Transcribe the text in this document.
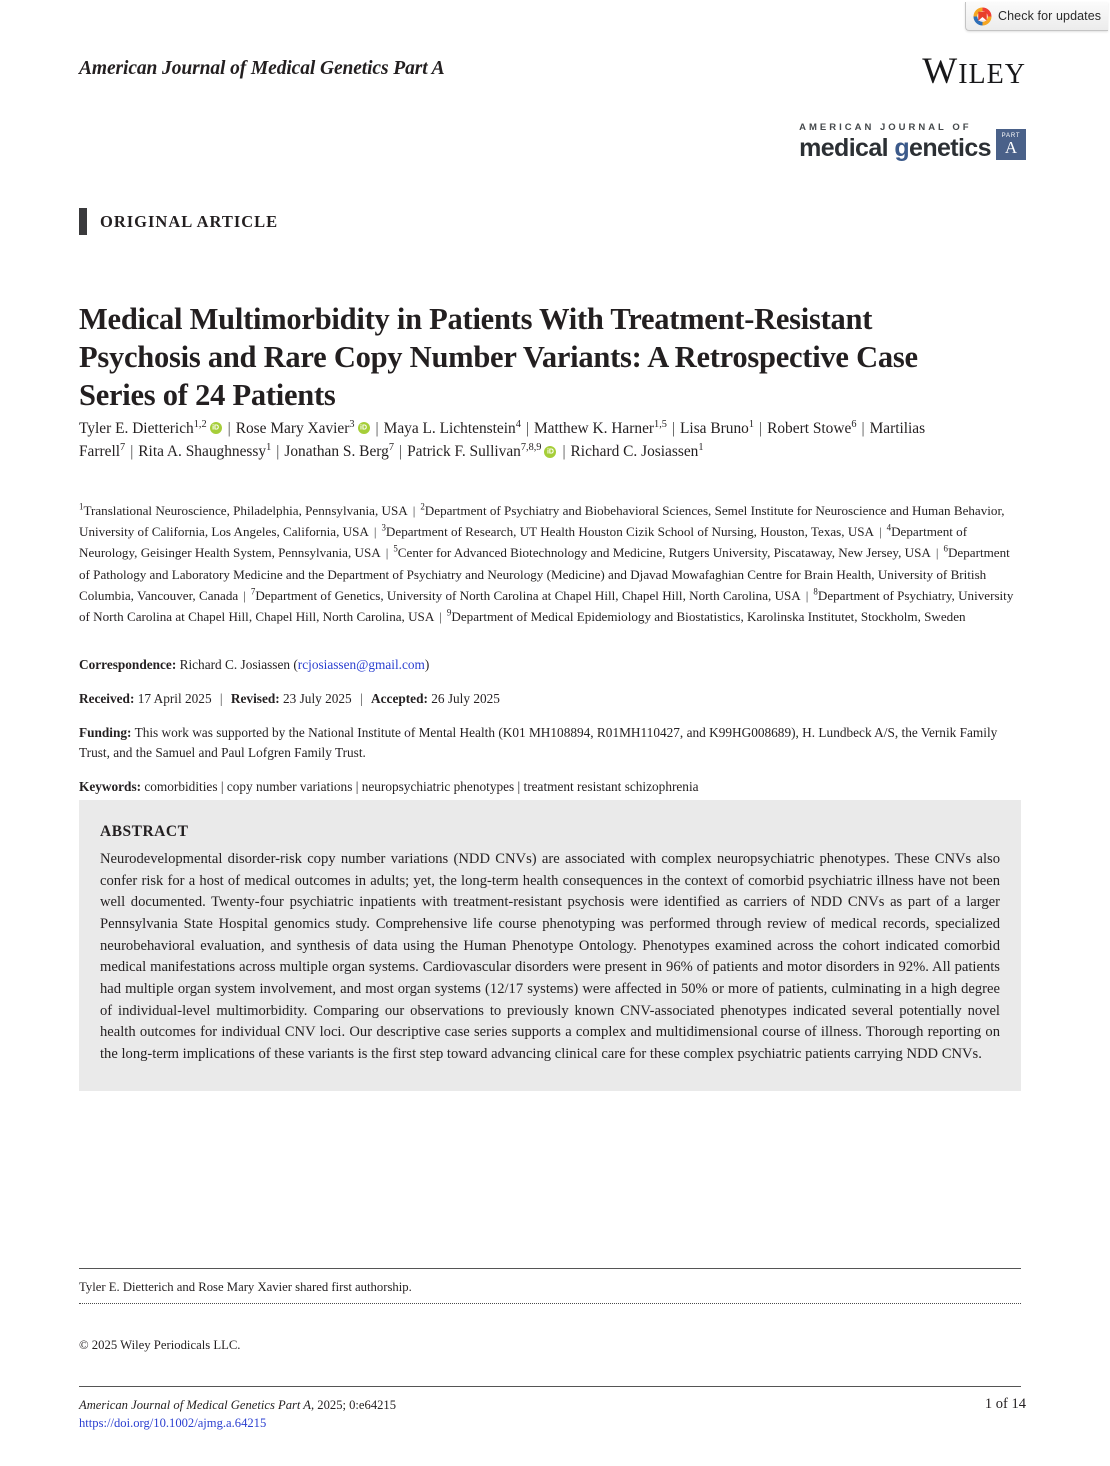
Check for updates
American Journal of Medical Genetics Part A	WILEY
AMERICAN JOURNAL OF
medical genetics PART
A
ORIGINAL ARTICLE
Medical Multimorbidity in Patients With Treatment-Resistant Psychosis and Rare Copy Number Variants: A Retrospective Case Series of 24 Patients
Tyler E. Dietterich$^{1,2}$ iD | Rose Mary Xavier$^3$ iD | Maya L. Lichtenstein$^4$ | Matthew K. Harner$^{1,5}$ | Lisa Bruno$^1$ | Robert Stowe$^6$ | Martilias Farrell$^7$ | Rita A. Shaughnessy$^1$ | Jonathan S. Berg$^7$ | Patrick F. Sullivan$^{7,8,9}$ iD | Richard C. Josiassen$^1$
$^1$Translational Neuroscience, Philadelphia, Pennsylvania, USA | $^2$Department of Psychiatry and Biobehavioral Sciences, Semel Institute for Neuroscience and Human Behavior, University of California, Los Angeles, California, USA | $^3$Department of Research, UT Health Houston Cizik School of Nursing, Houston, Texas, USA | $^4$Department of Neurology, Geisinger Health System, Pennsylvania, USA | $^5$Center for Advanced Biotechnology and Medicine, Rutgers University, Piscataway, New Jersey, USA | $^6$Department of Pathology and Laboratory Medicine and the Department of Psychiatry and Neurology (Medicine) and Djavad Mowafaghian Centre for Brain Health, University of British Columbia, Vancouver, Canada | $^7$Department of Genetics, University of North Carolina at Chapel Hill, Chapel Hill, North Carolina, USA | $^8$Department of Psychiatry, University of North Carolina at Chapel Hill, Chapel Hill, North Carolina, USA | $^9$Department of Medical Epidemiology and Biostatistics, Karolinska Institutet, Stockholm, Sweden
Correspondence: Richard C. Josiassen (rcjosiassen@gmail.com)
Received: 17 April 2025 | Revised: 23 July 2025 | Accepted: 26 July 2025
Funding: This work was supported by the National Institute of Mental Health (K01 MH108894, R01MH110427, and K99HG008689), H. Lundbeck A/S, the Vernik Family Trust, and the Samuel and Paul Lofgren Family Trust.
Keywords: comorbidities | copy number variations | neuropsychiatric phenotypes | treatment resistant schizophrenia
ABSTRACT
Neurodevelopmental disorder-risk copy number variations (NDD CNVs) are associated with complex neuropsychiatric phenotypes. These CNVs also confer risk for a host of medical outcomes in adults; yet, the long-term health consequences in the context of comorbid psychiatric illness have not been well documented. Twenty-four psychiatric inpatients with treatment-resistant psychosis were identified as carriers of NDD CNVs as part of a larger Pennsylvania State Hospital genomics study. Comprehensive life course phenotyping was performed through review of medical records, specialized neurobehavioral evaluation, and synthesis of data using the Human Phenotype Ontology. Phenotypes examined across the cohort indicated comorbid medical manifestations across multiple organ systems. Cardiovascular disorders were present in 96% of patients and motor disorders in 92%. All patients had multiple organ system involvement, and most organ systems (12/17 systems) were affected in 50% or more of patients, culminating in a high degree of individual-level multimorbidity. Comparing our observations to previously known CNV-associated phenotypes indicated several potentially novel health outcomes for individual CNV loci. Our descriptive case series supports a complex and multidimensional course of illness. Thorough reporting on the long-term implications of these variants is the first step toward advancing clinical care for these complex psychiatric patients carrying NDD CNVs.
Tyler E. Dietterich and Rose Mary Xavier shared first authorship.
© 2025 Wiley Periodicals LLC.
American Journal of Medical Genetics Part A, 2025; 0:e64215
https://doi.org/10.1002/ajmg.a.64215
1 of 14
